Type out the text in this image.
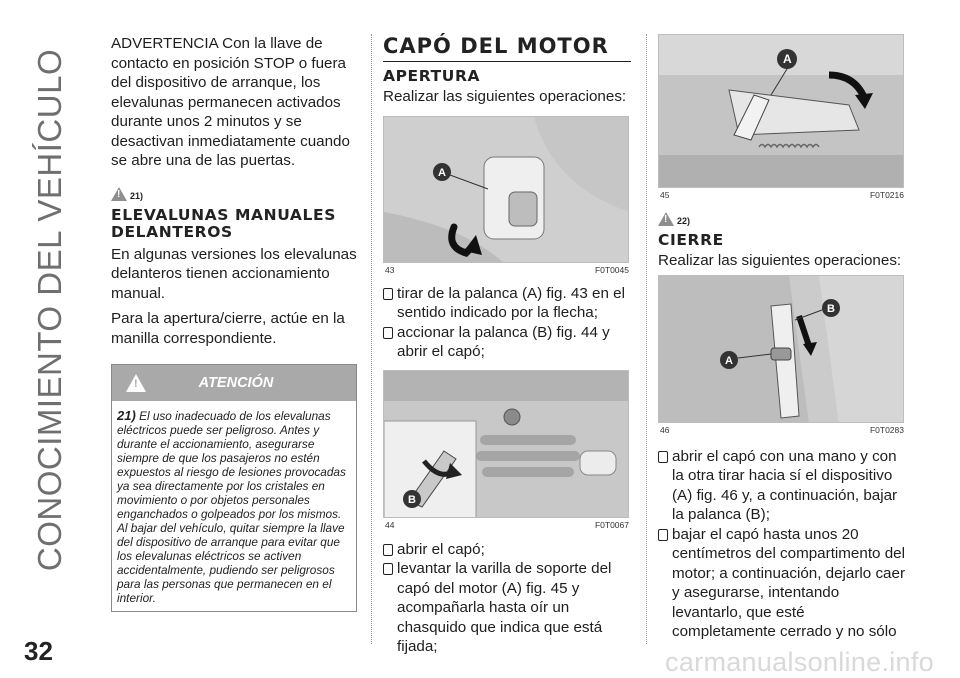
CONOCIMIENTO DEL VEHÍCULO

ADVERTENCIA Con la llave de contacto en posición STOP o fuera del dispositivo de arranque, los elevalunas permanecen activados durante unos 2 minutos y se desactivan inmediatamente cuando se abre una de las puertas.

!
21)
ELEVALUNAS MANUALES DELANTEROS

En algunas versiones los elevalunas delanteros tienen accionamiento manual.

Para la apertura/cierre, actúe en la manilla correspondiente.

!
ATENCIÓN
21) El uso inadecuado de los elevalunas eléctricos puede ser peligroso. Antes y durante el accionamiento, asegurarse siempre de que los pasajeros no estén expuestos al riesgo de lesiones provocadas ya sea directamente por los cristales en movimiento o por objetos personales enganchados o golpeados por los mismos. Al bajar del vehículo, quitar siempre la llave del dispositivo de arranque para evitar que los elevalunas eléctricos se activen accidentalmente, pudiendo ser peligrosos para las personas que permanecen en el interior.
CAPÓ DEL MOTOR
APERTURA

Realizar las siguientes operaciones:

A
43	F0T0045

tirar de la palanca (A) fig. 43 en el sentido indicado por la flecha;

accionar la palanca (B) fig. 44 y abrir el capó;

B
44	F0T0067

abrir el capó;

levantar la varilla de soporte del capó del motor (A) fig. 45 y acompañarla hasta oír un chasquido que indica que está fijada;

A
45	F0T0216
!
22)
CIERRE

Realizar las siguientes operaciones:

B
A
46	F0T0283

abrir el capó con una mano y con la otra tirar hacia sí el dispositivo (A) fig. 46 y, a continuación, bajar la palanca (B);

bajar el capó hasta unos 20 centímetros del compartimento del motor; a continuación, dejarlo caer y asegurarse, intentando levantarlo, que esté completamente cerrado y no sólo

32	carmanualsonline.info
